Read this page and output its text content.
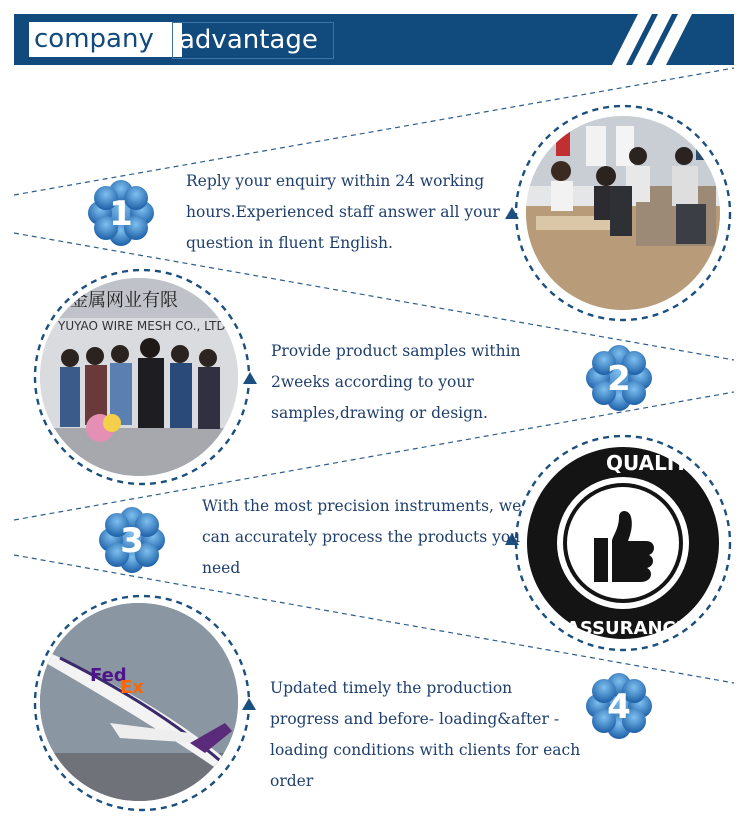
company advantage
金属网业有限
YUYAO WIRE MESH CO., LTD
QUALITY
ASSURANCE
Fed
Ex
1
2
3
4

Reply your enquiry within 24 working hours.Experienced staff answer all your question in fluent English.

Provide product samples within 2weeks according to your samples,drawing or design.

With the most precision instruments, we can accurately process the products you need

Updated timely the production progress and before- loading&after -loading conditions with clients for each order
